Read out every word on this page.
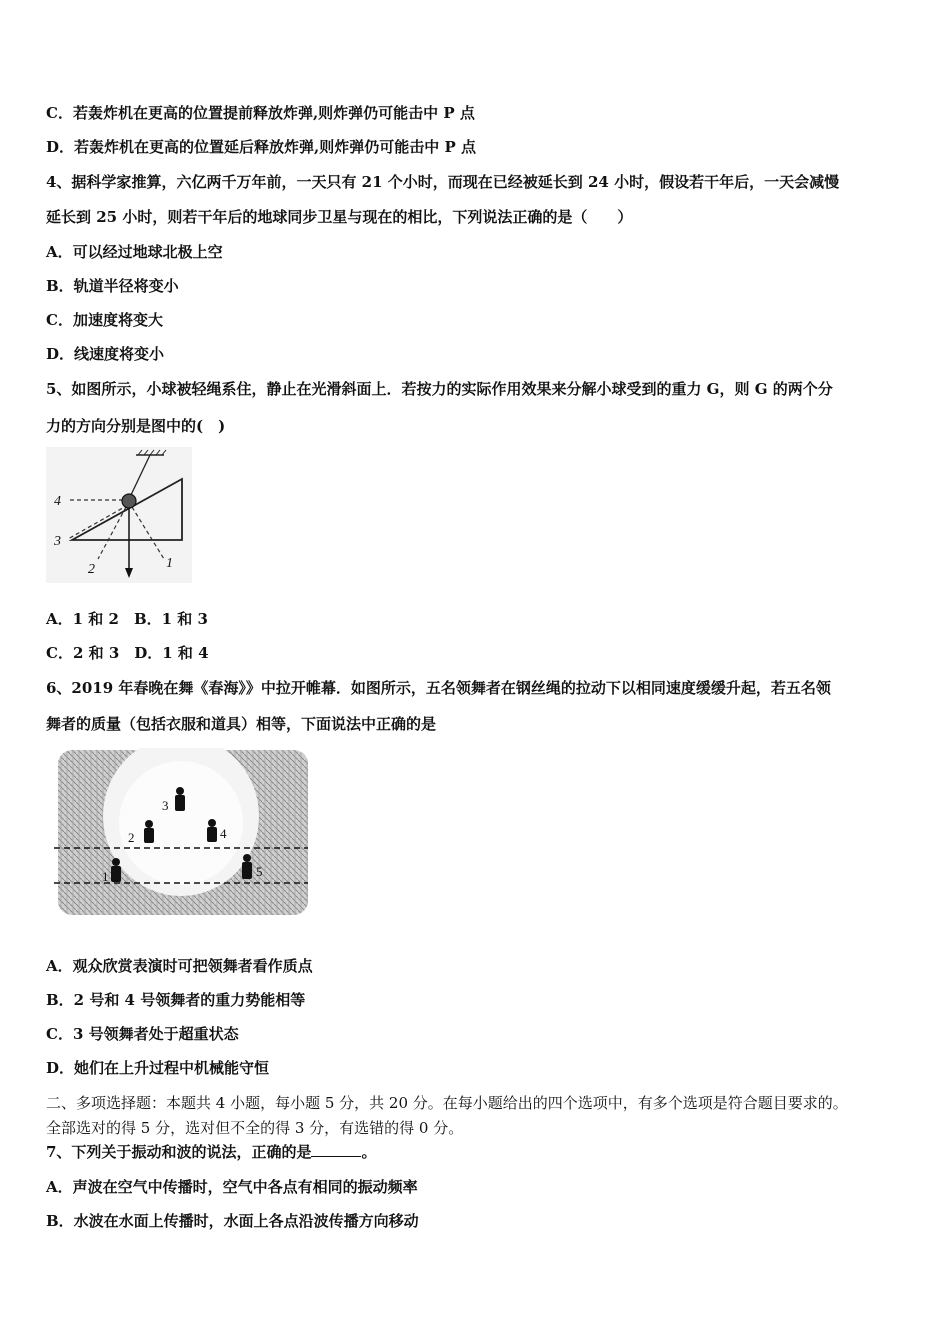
C．若轰炸机在更高的位置提前释放炸弹,则炸弹仍可能击中 P 点
D．若轰炸机在更高的位置延后释放炸弹,则炸弹仍可能击中 P 点
4、据科学家推算，六亿两千万年前，一天只有 21 个小时，而现在已经被延长到 24 小时，假设若干年后，一天会减慢
延长到 25 小时，则若干年后的地球同步卫星与现在的相比，下列说法正确的是（　　）
A．可以经过地球北极上空
B．轨道半径将变小
C．加速度将变大
D．线速度将变小
5、如图所示，小球被轻绳系住，静止在光滑斜面上．若按力的实际作用效果来分解小球受到的重力 G，则 G 的两个分
力的方向分别是图中的(　)
4
3
2	1
A．1 和 2　B．1 和 3
C．2 和 3　D．1 和 4
6、2019 年春晚在舞《春海》》中拉开帷幕．如图所示，五名领舞者在钢丝绳的拉动下以相同速度缓缓升起，若五名领
舞者的质量（包括衣服和道具）相等，下面说法中正确的是
1
2
3
4
5
A．观众欣赏表演时可把领舞者看作质点
B．2 号和 4 号领舞者的重力势能相等
C．3 号领舞者处于超重状态
D．她们在上升过程中机械能守恒
二、多项选择题：本题共 4 小题，每小题 5 分，共 20 分。在每小题给出的四个选项中，有多个选项是符合题目要求的。
全部选对的得 5 分，选对但不全的得 3 分，有选错的得 0 分。
7、下列关于振动和波的说法，正确的是	。
A．声波在空气中传播时，空气中各点有相同的振动频率
B．水波在水面上传播时，水面上各点沿波传播方向移动
